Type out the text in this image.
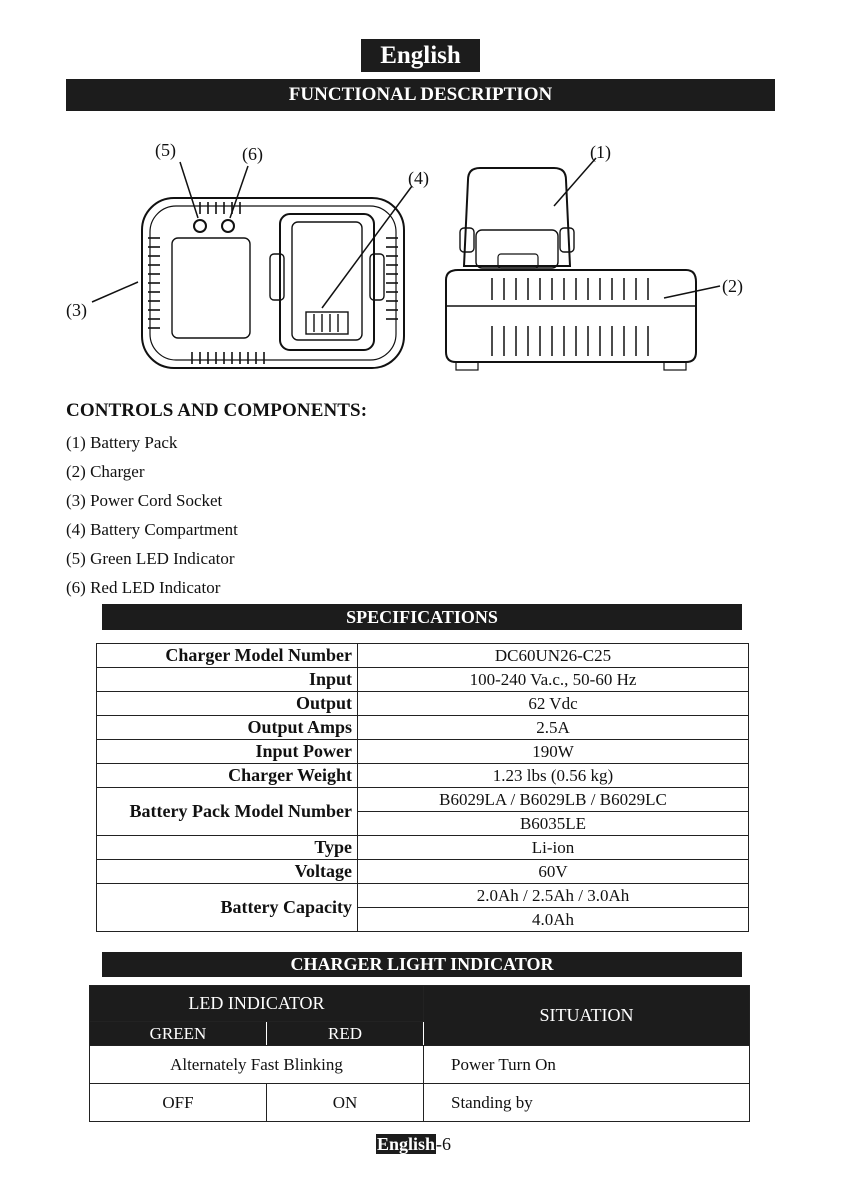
English
FUNCTIONAL DESCRIPTION
(5)	(6)
(4)
(1)
(2)
(3)
CONTROLS AND COMPONENTS:
(1) Battery Pack
(2) Charger
(3) Power Cord Socket
(4) Battery Compartment
(5) Green LED Indicator
(6) Red LED Indicator
SPECIFICATIONS
Charger Model Number	DC60UN26-C25
Input	100-240 Va.c., 50-60 Hz
Output	62 Vdc
Output Amps	2.5A
Input Power	190W
Charger Weight	1.23 lbs (0.56 kg)
Battery Pack Model Number	B6029LA / B6029LB / B6029LC
	B6035LE
Type	Li-ion
Voltage	60V
Battery Capacity	2.0Ah / 2.5Ah / 3.0Ah
	4.0Ah
CHARGER LIGHT INDICATOR
LED INDICATOR		SITUATION
GREEN	RED	
Alternately Fast Blinking		Power Turn On
OFF	ON	Standing by
English-6
